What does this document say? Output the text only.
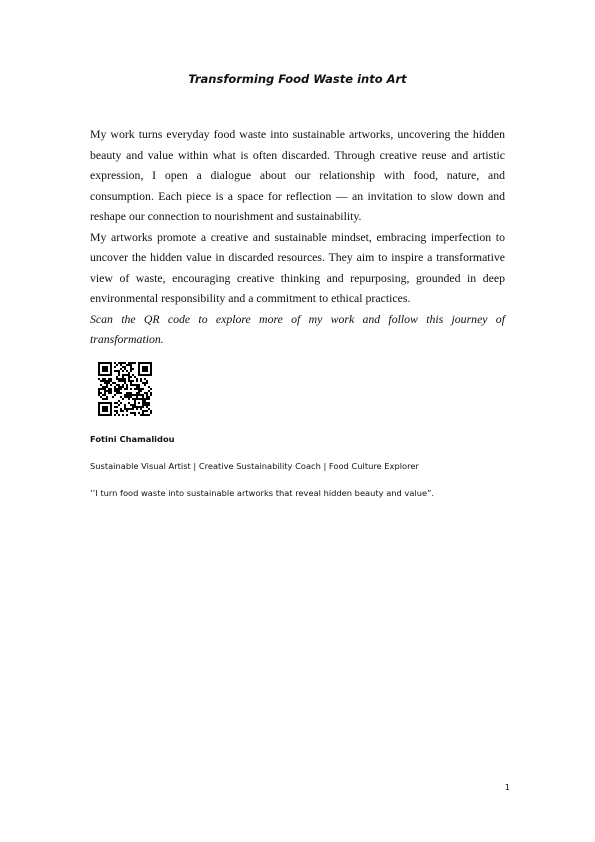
Transforming Food Waste into Art

My work turns everyday food waste into sustainable artworks, uncovering the hidden beauty and value within what is often discarded. Through creative reuse and artistic expression, I open a dialogue about our relationship with food, nature, and consumption. Each piece is a space for reflection — an invitation to slow down and reshape our connection to nourishment and sustainability.

My artworks promote a creative and sustainable mindset, embracing imperfection to uncover the hidden value in discarded resources. They aim to inspire a transformative view of waste, encouraging creative thinking and repurposing, grounded in deep environmental responsibility and a commitment to ethical practices.

Scan the QR code to explore more of my work and follow this journey of transformation.

Fotini Chamalidou
Sustainable Visual Artist | Creative Sustainability Coach | Food Culture Explorer
’’I turn food waste into sustainable artworks that reveal hidden beauty and value”.
1
